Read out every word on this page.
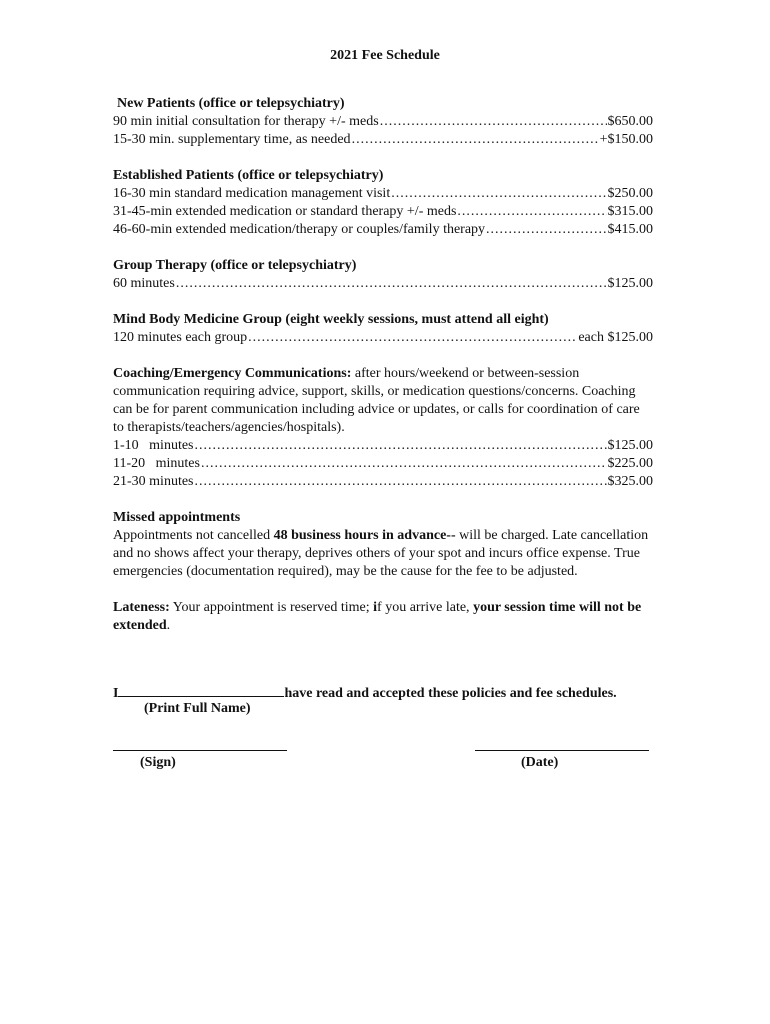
2021 Fee Schedule
New Patients (office or telepsychiatry)
90 min initial consultation for therapy +/- meds .....	$650.00
15-30 min. supplementary time, as needed .....	+$150.00
Established Patients (office or telepsychiatry)
16-30 min standard medication management visit .....	$250.00
31-45-min extended medication or standard therapy +/- meds .....	$315.00
46-60-min extended medication/therapy or couples/family therapy .....	$415.00
Group Therapy (office or telepsychiatry)
60 minutes .....	$125.00
Mind Body Medicine Group (eight weekly sessions, must attend all eight)
120 minutes each group .....	each $125.00

Coaching/Emergency Communications: after hours/weekend or between-session communication requiring advice, support, skills, or medication questions/concerns. Coaching can be for parent communication including advice or updates, or calls for coordination of care to therapists/teachers/agencies/hospitals).

1-10   minutes .....	$125.00
11-20   minutes .....	$225.00
21-30 minutes .....	$325.00
Missed appointments

Appointments not cancelled 48 business hours in advance-- will be charged. Late cancellation and no shows affect your therapy, deprives others of your spot and incurs office expense. True emergencies (documentation required), may be the cause for the fee to be adjusted.

Lateness: Your appointment is reserved time; if you arrive late, your session time will not be extended.

I	have read and accepted these policies and fee schedules.
(Print Full Name)
(Sign)	(Date)
